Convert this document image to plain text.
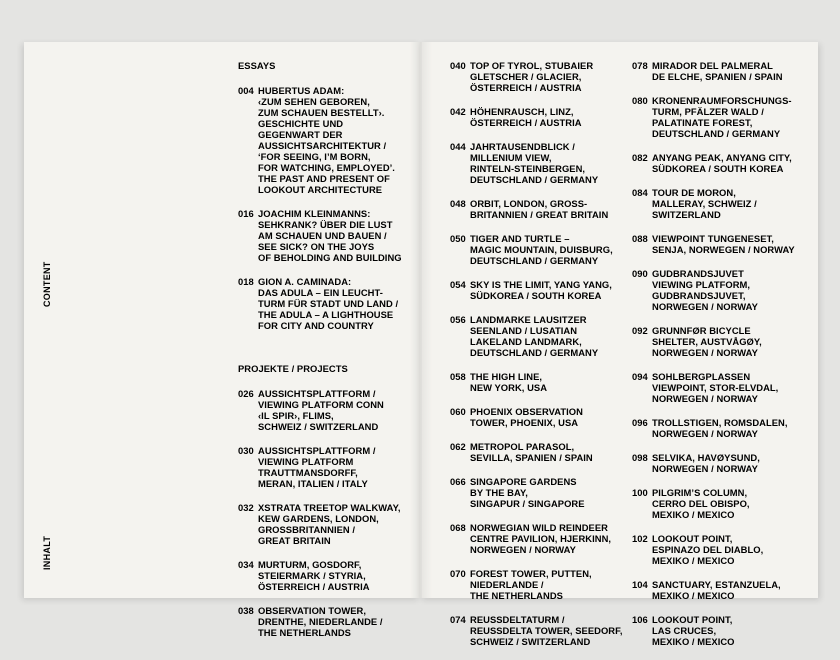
CONTENT
INHALT
ESSAYS
004 HUBERTUS ADAM:
‹ZUM SEHEN GEBOREN,
ZUM SCHAUEN BESTELLT›.
GESCHICHTE UND
GEGENWART DER
AUSSICHTSARCHITEKTUR /
‘FOR SEEING, I’M BORN,
FOR WATCHING, EMPLOYED’.
THE PAST AND PRESENT OF
LOOKOUT ARCHITECTURE
016 JOACHIM KLEINMANNS:
SEHKRANK? ÜBER DIE LUST
AM SCHAUEN UND BAUEN /
SEE SICK? ON THE JOYS
OF BEHOLDING AND BUILDING
018 GION A. CAMINADA:
DAS ADULA – EIN LEUCHT-
TURM FÜR STADT UND LAND /
THE ADULA – A LIGHTHOUSE
FOR CITY AND COUNTRY
PROJEKTE / PROJECTS
026 AUSSICHTSPLATTFORM /
VIEWING PLATFORM CONN
‹IL SPIR›, FLIMS,
SCHWEIZ / SWITZERLAND
030 AUSSICHTSPLATTFORM /
VIEWING PLATFORM
TRAUTTMANSDORFF,
MERAN, ITALIEN / ITALY
032 XSTRATA TREETOP WALKWAY,
KEW GARDENS, LONDON,
GROSSBRITANNIEN /
GREAT BRITAIN
034 MURTURM, GOSDORF,
STEIERMARK / STYRIA,
ÖSTERREICH / AUSTRIA
038 OBSERVATION TOWER,
DRENTHE, NIEDERLANDE /
THE NETHERLANDS
040 TOP OF TYROL, STUBAIER
GLETSCHER / GLACIER,
ÖSTERREICH / AUSTRIA
042 HÖHENRAUSCH, LINZ,
ÖSTERREICH / AUSTRIA
044 JAHRTAUSENDBLICK /
MILLENIUM VIEW,
RINTELN-STEINBERGEN,
DEUTSCHLAND / GERMANY
048 ORBIT, LONDON, GROSS-
BRITANNIEN / GREAT BRITAIN
050 TIGER AND TURTLE –
MAGIC MOUNTAIN, DUISBURG,
DEUTSCHLAND / GERMANY
054 SKY IS THE LIMIT, YANG YANG,
SÜDKOREA / SOUTH KOREA
056 LANDMARKE LAUSITZER
SEENLAND / LUSATIAN
LAKELAND LANDMARK,
DEUTSCHLAND / GERMANY
058 THE HIGH LINE,
NEW YORK, USA
060 PHOENIX OBSERVATION
TOWER, PHOENIX, USA
062 METROPOL PARASOL,
SEVILLA, SPANIEN / SPAIN
066 SINGAPORE GARDENS
BY THE BAY,
SINGAPUR / SINGAPORE
068 NORWEGIAN WILD REINDEER
CENTRE PAVILION, HJERKINN,
NORWEGEN / NORWAY
070 FOREST TOWER, PUTTEN,
NIEDERLANDE /
THE NETHERLANDS
074 REUSSDELTATURM /
REUSSDELTA TOWER, SEEDORF,
SCHWEIZ / SWITZERLAND
078 MIRADOR DEL PALMERAL
DE ELCHE, SPANIEN / SPAIN
080 KRONENRAUMFORSCHUNGS-
TURM, PFÄLZER WALD /
PALATINATE FOREST,
DEUTSCHLAND / GERMANY
082 ANYANG PEAK, ANYANG CITY,
SÜDKOREA / SOUTH KOREA
084 TOUR DE MORON,
MALLERAY, SCHWEIZ /
SWITZERLAND
088 VIEWPOINT TUNGENESET,
SENJA, NORWEGEN / NORWAY
090 GUDBRANDSJUVET
VIEWING PLATFORM,
GUDBRANDSJUVET,
NORWEGEN / NORWAY
092 GRUNNFØR BICYCLE
SHELTER, AUSTVÅGØY,
NORWEGEN / NORWAY
094 SOHLBERGPLASSEN
VIEWPOINT, STOR-ELVDAL,
NORWEGEN / NORWAY
096 TROLLSTIGEN, ROMSDALEN,
NORWEGEN / NORWAY
098 SELVIKA, HAVØYSUND,
NORWEGEN / NORWAY
100 PILGRIM’S COLUMN,
CERRO DEL OBISPO,
MEXIKO / MEXICO
102 LOOKOUT POINT,
ESPINAZO DEL DIABLO,
MEXIKO / MEXICO
104 SANCTUARY, ESTANZUELA,
MEXIKO / MEXICO
106 LOOKOUT POINT,
LAS CRUCES,
MEXIKO / MEXICO
